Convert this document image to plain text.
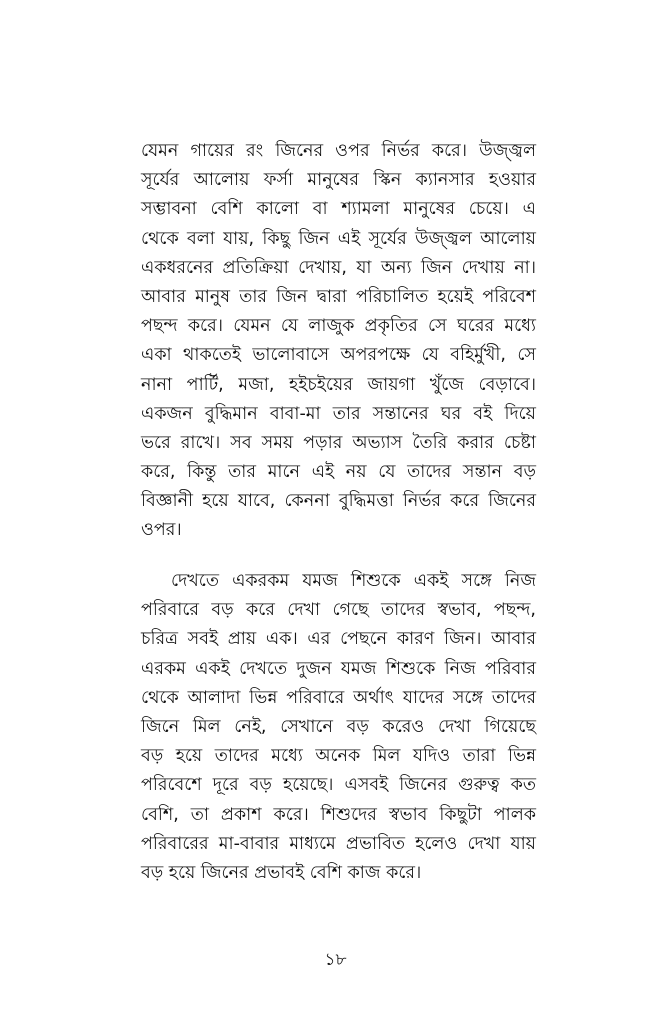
যেমন গায়ের রং জিনের ওপর নির্ভর করে। উজ্জ্বল
সূর্যের আলোয় ফর্সা মানুষের স্কিন ক্যানসার হওয়ার
সম্ভাবনা বেশি কালো বা শ্যামলা মানুষের চেয়ে। এ
থেকে বলা যায়, কিছু জিন এই সূর্যের উজ্জ্বল আলোয়
একধরনের প্রতিক্রিয়া দেখায়, যা অন্য জিন দেখায় না।
আবার মানুষ তার জিন দ্বারা পরিচালিত হয়েই পরিবেশ
পছন্দ করে। যেমন যে লাজুক প্রকৃতির সে ঘরের মধ্যে
একা থাকতেই ভালোবাসে অপরপক্ষে যে বহির্মুখী, সে
নানা পার্টি, মজা, হইচইয়ের জায়গা খুঁজে বেড়াবে।
একজন বুদ্ধিমান বাবা-মা তার সন্তানের ঘর বই দিয়ে
ভরে রাখে। সব সময় পড়ার অভ্যাস তৈরি করার চেষ্টা
করে, কিন্তু তার মানে এই নয় যে তাদের সন্তান বড়
বিজ্ঞানী হয়ে যাবে, কেননা বুদ্ধিমত্তা নির্ভর করে জিনের
ওপর।
দেখতে একরকম যমজ শিশুকে একই সঙ্গে নিজ
পরিবারে বড় করে দেখা গেছে তাদের স্বভাব, পছন্দ,
চরিত্র সবই প্রায় এক। এর পেছনে কারণ জিন। আবার
এরকম একই দেখতে দুজন যমজ শিশুকে নিজ পরিবার
থেকে আলাদা ভিন্ন পরিবারে অর্থাৎ যাদের সঙ্গে তাদের
জিনে মিল নেই, সেখানে বড় করেও দেখা গিয়েছে
বড় হয়ে তাদের মধ্যে অনেক মিল যদিও তারা ভিন্ন
পরিবেশে দূরে বড় হয়েছে। এসবই জিনের গুরুত্ব কত
বেশি, তা প্রকাশ করে। শিশুদের স্বভাব কিছুটা পালক
পরিবারের মা-বাবার মাধ্যমে প্রভাবিত হলেও দেখা যায়
বড় হয়ে জিনের প্রভাবই বেশি কাজ করে।
১৮
